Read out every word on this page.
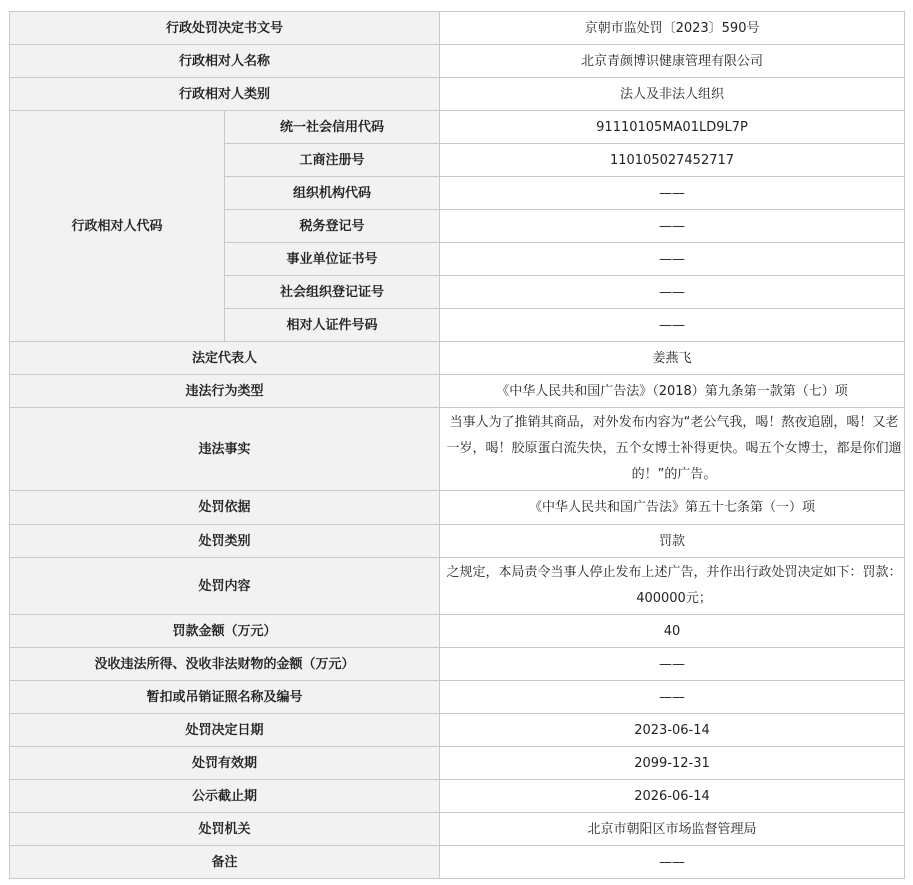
行政处罚决定书文号		京朝市监处罚〔2023〕590号
行政相对人名称		北京青颜博识健康管理有限公司
行政相对人类别		法人及非法人组织
行政相对人代码	统一社会信用代码	91110105MA01LD9L7P
	工商注册号	110105027452717
	组织机构代码	——
	税务登记号	——
	事业单位证书号	——
	社会组织登记证号	——
	相对人证件号码	——
法定代表人		姜燕飞
违法行为类型		《中华人民共和国广告法》（2018）第九条第一款第（七）项
违法事实		当事人为了推销其商品，对外发布内容为“老公气我，喝！熬夜追剧，喝！又老一岁，喝！胶原蛋白流失快，五个女博士补得更快。喝五个女博士，都是你们遛的！”的广告。
处罚依据		《中华人民共和国广告法》第五十七条第（一）项
处罚类别		罚款
处罚内容		之规定，本局责令当事人停止发布上述广告，并作出行政处罚决定如下：罚款：400000元；
罚款金额（万元）		40
没收违法所得、没收非法财物的金额（万元）		——
暂扣或吊销证照名称及编号		——
处罚决定日期		2023-06-14
处罚有效期		2099-12-31
公示截止期		2026-06-14
处罚机关		北京市朝阳区市场监督管理局
备注		——
